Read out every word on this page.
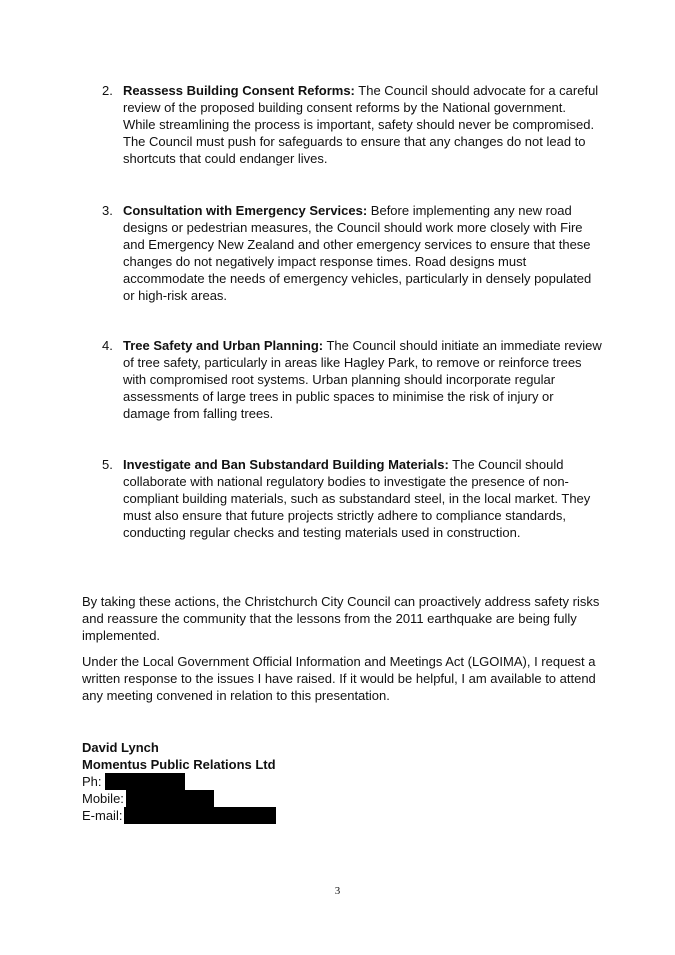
2. Reassess Building Consent Reforms: The Council should advocate for a careful review of the proposed building consent reforms by the National government. While streamlining the process is important, safety should never be compromised. The Council must push for safeguards to ensure that any changes do not lead to shortcuts that could endanger lives.
3. Consultation with Emergency Services: Before implementing any new road designs or pedestrian measures, the Council should work more closely with Fire and Emergency New Zealand and other emergency services to ensure that these changes do not negatively impact response times. Road designs must accommodate the needs of emergency vehicles, particularly in densely populated or high-risk areas.
4. Tree Safety and Urban Planning: The Council should initiate an immediate review of tree safety, particularly in areas like Hagley Park, to remove or reinforce trees with compromised root systems. Urban planning should incorporate regular assessments of large trees in public spaces to minimise the risk of injury or damage from falling trees.
5. Investigate and Ban Substandard Building Materials: The Council should collaborate with national regulatory bodies to investigate the presence of non-compliant building materials, such as substandard steel, in the local market. They must also ensure that future projects strictly adhere to compliance standards, conducting regular checks and testing materials used in construction.

By taking these actions, the Christchurch City Council can proactively address safety risks and reassure the community that the lessons from the 2011 earthquake are being fully implemented.

Under the Local Government Official Information and Meetings Act (LGOIMA), I request a written response to the issues I have raised. If it would be helpful, I am available to attend any meeting convened in relation to this presentation.

David Lynch
Momentus Public Relations Ltd
Ph:
Mobile:
E-mail:
3
